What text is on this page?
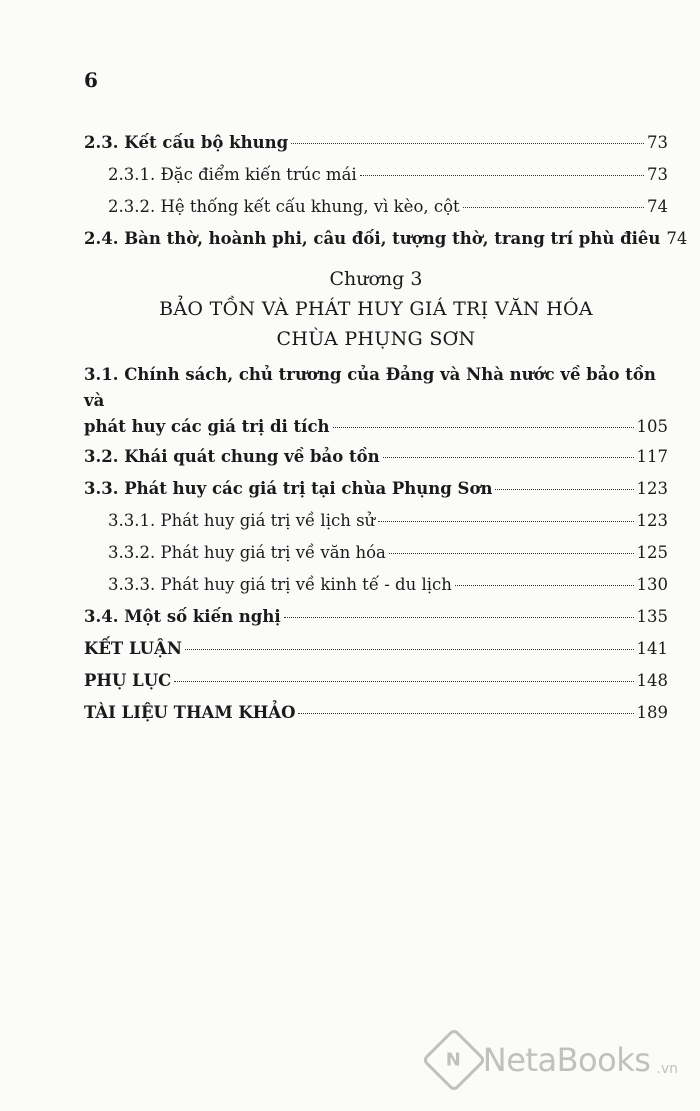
6
2.3. Kết cấu bộ khung	73
2.3.1. Đặc điểm kiến trúc mái	73
2.3.2. Hệ thống kết cấu khung, vì kèo, cột	74
2.4. Bàn thờ, hoành phi, câu đối, tượng thờ, trang trí phù điêu 74
Chương 3
BẢO TỒN VÀ PHÁT HUY GIÁ TRỊ VĂN HÓA
CHÙA PHỤNG SƠN
3.1. Chính sách, chủ trương của Đảng và Nhà nước về bảo tồn và
phát huy các giá trị di tích	105
3.2. Khái quát chung về bảo tồn	117
3.3. Phát huy các giá trị tại chùa Phụng Sơn	123
3.3.1. Phát huy giá trị về lịch sử	123
3.3.2. Phát huy giá trị về văn hóa	125
3.3.3. Phát huy giá trị về kinh tế - du lịch	130
3.4. Một số kiến nghị	135
KẾT LUẬN	141
PHỤ LỤC	148
TÀI LIỆU THAM KHẢO	189
N NetaBooks .vn
